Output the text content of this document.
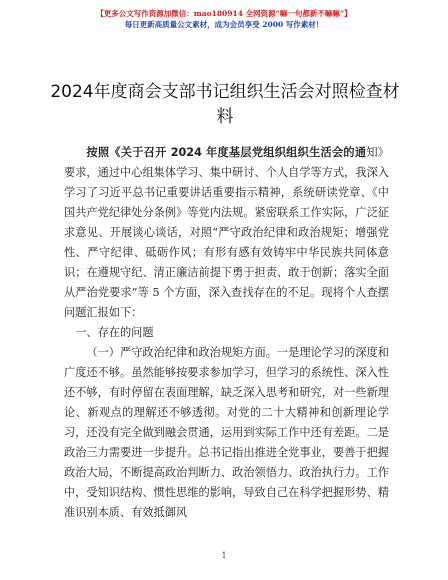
【更多公文写作资源加微信：mao180914 全网资源“嘛一句都新不嘛嘛”】
每日更新高质量公文素材，成为会员享受 2000 写作素材！
2024年度商会支部书记组织生活会对照检查材料

按照《关于召开 2024 年度基层党组织组织生活会的通知》要求，通过中心组集体学习、集中研讨、个人自学等方式，我深入学习了习近平总书记重要讲话重要指示精神，系统研读党章、《中国共产党纪律处分条例》等党内法规。紧密联系工作实际，广泛征求意见、开展谈心谈话，对照“严守政治纪律和政治规矩；增强党性、严守纪律、砥砺作风；有形有感有效铸牢中华民族共同体意识；在遵规守纪、清正廉洁前提下勇于担责、敢于创新；落实全面从严治党要求”等 5 个方面，深入查找存在的不足。现将个人查摆问题汇报如下：

一、存在的问题

（一）严守政治纪律和政治规矩方面。一是理论学习的深度和广度还不够。虽然能够按要求参加学习，但学习的系统性、深入性还不够，有时停留在表面理解，缺乏深入思考和研究，对一些新理论、新观点的理解还不够透彻。对党的二十大精神和创新理论学习，还没有完全做到融会贯通，运用到实际工作中还有差距。二是政治三力需要进一步提升。总书记指出推进全党事业，要善于把握政治大局，不断提高政治判断力、政治领悟力、政治执行力。工作中，受知识结构、惯性思维的影响，导致自己在科学把握形势、精准识别本质、有效抵御风

1
